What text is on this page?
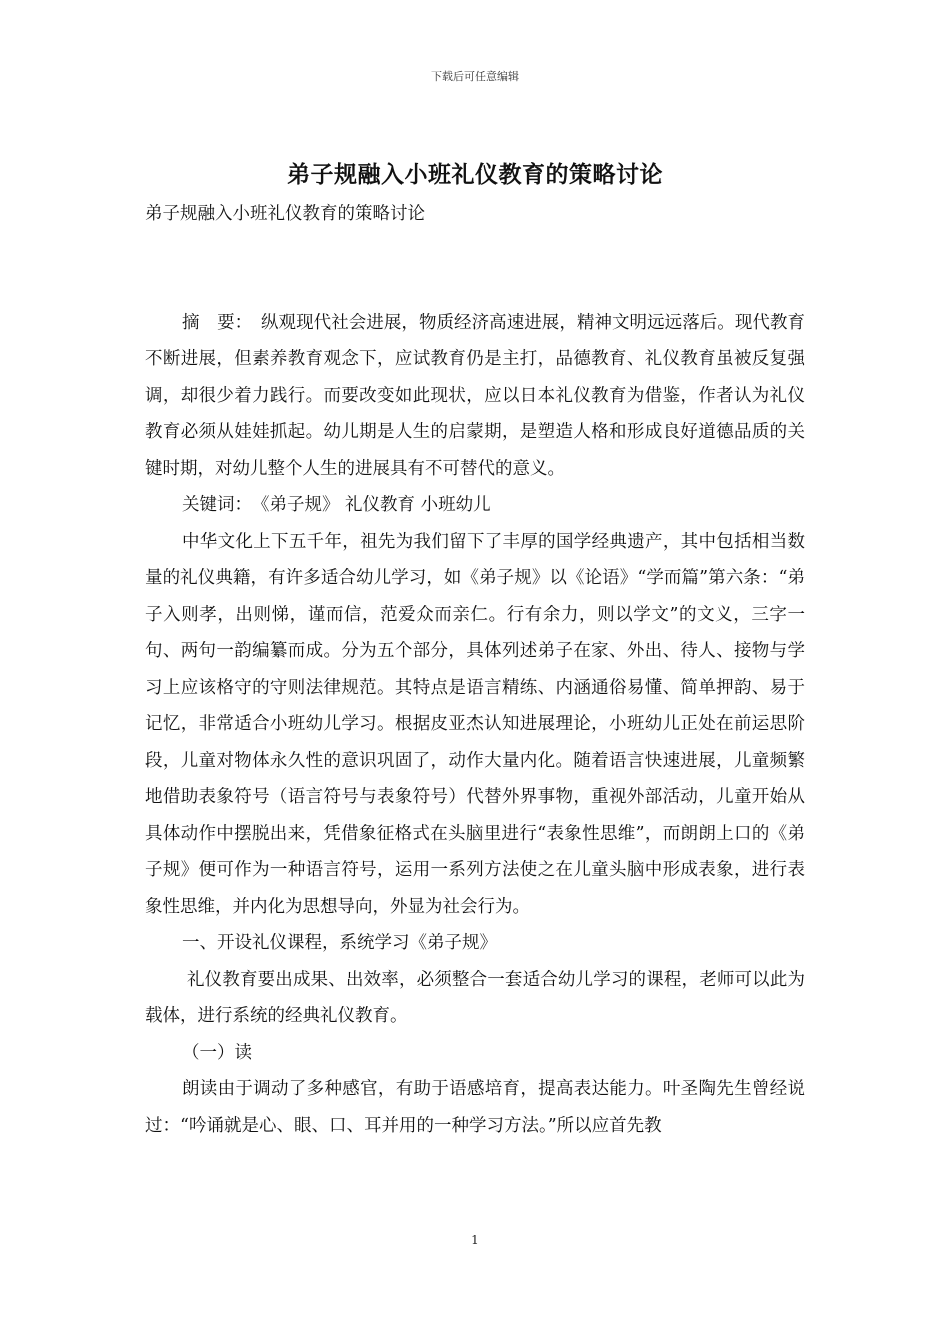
下载后可任意编辑
弟子规融入小班礼仪教育的策略讨论

弟子规融入小班礼仪教育的策略讨论

摘　要：　纵观现代社会进展，物质经济高速进展，精神文明远远落后。现代教育不断进展，但素养教育观念下，应试教育仍是主打，品德教育、礼仪教育虽被反复强调，却很少着力践行。而要改变如此现状，应以日本礼仪教育为借鉴，作者认为礼仪教育必须从娃娃抓起。幼儿期是人生的启蒙期，是塑造人格和形成良好道德品质的关键时期，对幼儿整个人生的进展具有不可替代的意义。

关键词：　《弟子规》 礼仪教育 小班幼儿

中华文化上下五千年，祖先为我们留下了丰厚的国学经典遗产，其中包括相当数量的礼仪典籍，有许多适合幼儿学习，如《弟子规》以《论语》“学而篇”第六条：“弟子入则孝，出则悌，谨而信，范爱众而亲仁。行有余力，则以学文”的文义，三字一句、两句一韵编纂而成。分为五个部分，具体列述弟子在家、外出、待人、接物与学习上应该格守的守则法律规范。其特点是语言精练、内涵通俗易懂、简单押韵、易于记忆，非常适合小班幼儿学习。根据皮亚杰认知进展理论，小班幼儿正处在前运思阶段，儿童对物体永久性的意识巩固了，动作大量内化。随着语言快速进展，儿童频繁地借助表象符号（语言符号与表象符号）代替外界事物，重视外部活动，儿童开始从具体动作中摆脱出来，凭借象征格式在头脑里进行“表象性思维”，而朗朗上口的《弟子规》便可作为一种语言符号，运用一系列方法使之在儿童头脑中形成表象，进行表象性思维，并内化为思想导向，外显为社会行为。

一、开设礼仪课程，系统学习《弟子规》

礼仪教育要出成果、出效率，必须整合一套适合幼儿学习的课程，老师可以此为载体，进行系统的经典礼仪教育。

（一）读

朗读由于调动了多种感官，有助于语感培育，提高表达能力。叶圣陶先生曾经说过：“吟诵就是心、眼、口、耳并用的一种学习方法。”所以应首先教

1
